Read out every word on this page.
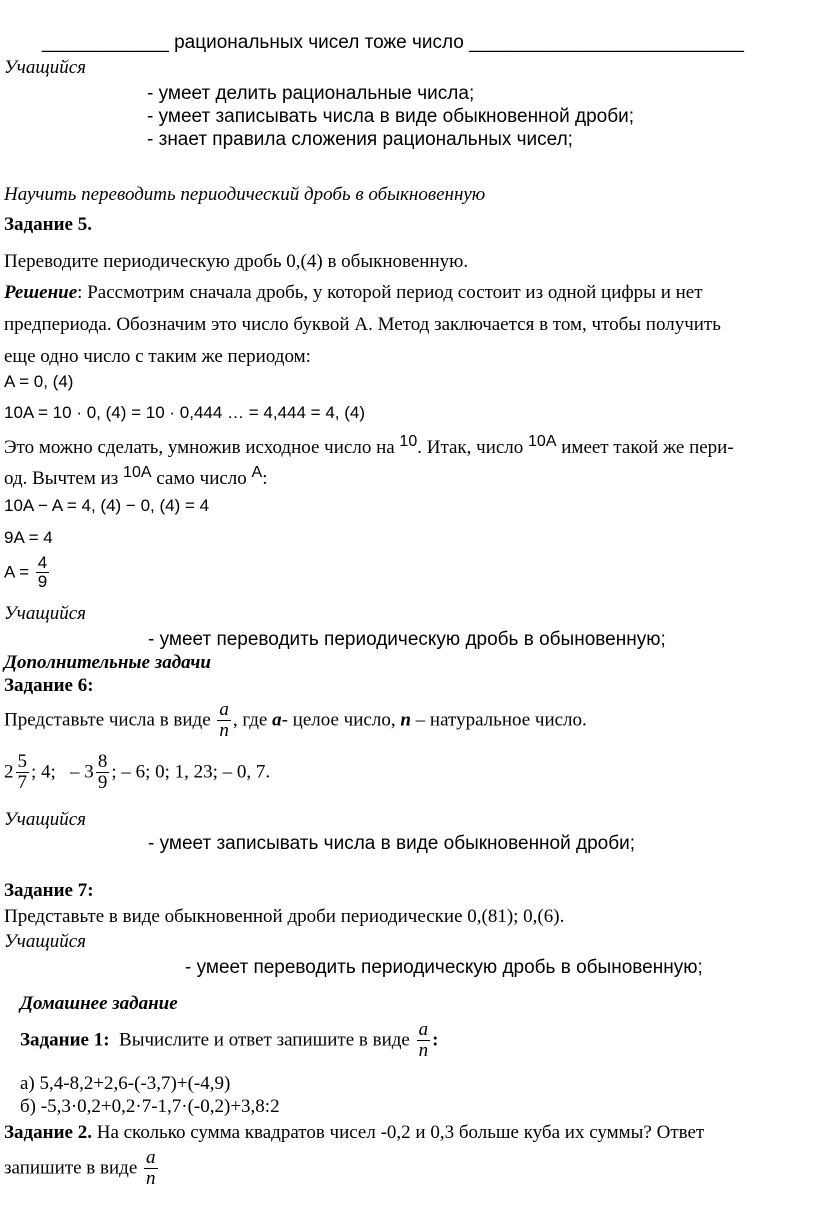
____________ рациональных чисел тоже число __________________________
Учащийся
- умеет делить рациональные числа;
- умеет записывать числа в виде обыкновенной дроби;
- знает правила сложения рациональных чисел;
Научить переводить периодический дробь в обыкновенную
Задание 5.
Переводите периодическую дробь 0,(4) в обыкновенную.
Решение: Рассмотрим сначала дробь, у которой период состоит из одной цифры и нет
предпериода. Обозначим это число буквой А. Метод заключается в том, чтобы получить
еще одно число с таким же периодом:
A = 0, (4)
10A = 10 · 0, (4) = 10 · 0,444 … = 4,444 = 4, (4)
Это можно сделать, умножив исходное число на $^{10}$. Итак, число $^{10A}$ имеет такой же пери-
од. Вычтем из $^{10A}$ само число $^A$:
10A − A = 4, (4) − 0, (4) = 4
9A = 4
$A = \frac{4}{9}$
Учащийся
- умеет переводить периодическую дробь в обыновенную;
Дополнительные задачи
Задание 6:
Представьте числа в виде $\frac{a}{n}$ , где a- целое число, n – натуральное число.
$2 \frac{5}{7}$ ; 4;   – $3 \frac{8}{9}$ ; – 6; 0; 1, 23; – 0, 7.
Учащийся
- умеет записывать числа в виде обыкновенной дроби;
Задание 7:
Представьте в виде обыкновенной дроби периодические 0,(81); 0,(6).
Учащийся
- умеет переводить периодическую дробь в обыновенную;
Домашнее задание
Задание 1:  Вычислите и ответ запишите в виде $\frac{a}{n}$ :
а) 5,4-8,2+2,6-(-3,7)+(-4,9)
б) -5,3·0,2+0,2·7-1,7·(-0,2)+3,8:2
Задание 2. На сколько сумма квадратов чисел -0,2 и 0,3 больше куба их суммы? Ответ
запишите в виде $\frac{a}{n}$
